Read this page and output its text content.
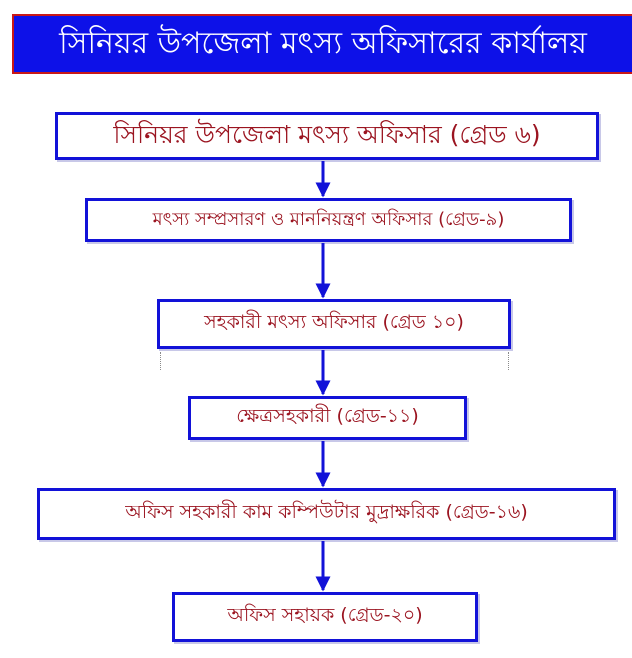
সিনিয়র উপজেলা মৎস্য অফিসারের কার্যালয়
সিনিয়র উপজেলা মৎস্য অফিসার (গ্রেড ৬)
মৎস্য সম্প্রসারণ ও মাননিয়ন্ত্রণ অফিসার (গ্রেড-৯)
সহকারী মৎস্য অফিসার (গ্রেড ১০)
ক্ষেত্রসহকারী (গ্রেড-১১)
অফিস সহকারী কাম কম্পিউটার মুদ্রাক্ষরিক (গ্রেড-১৬)
অফিস সহায়ক (গ্রেড-২০)
